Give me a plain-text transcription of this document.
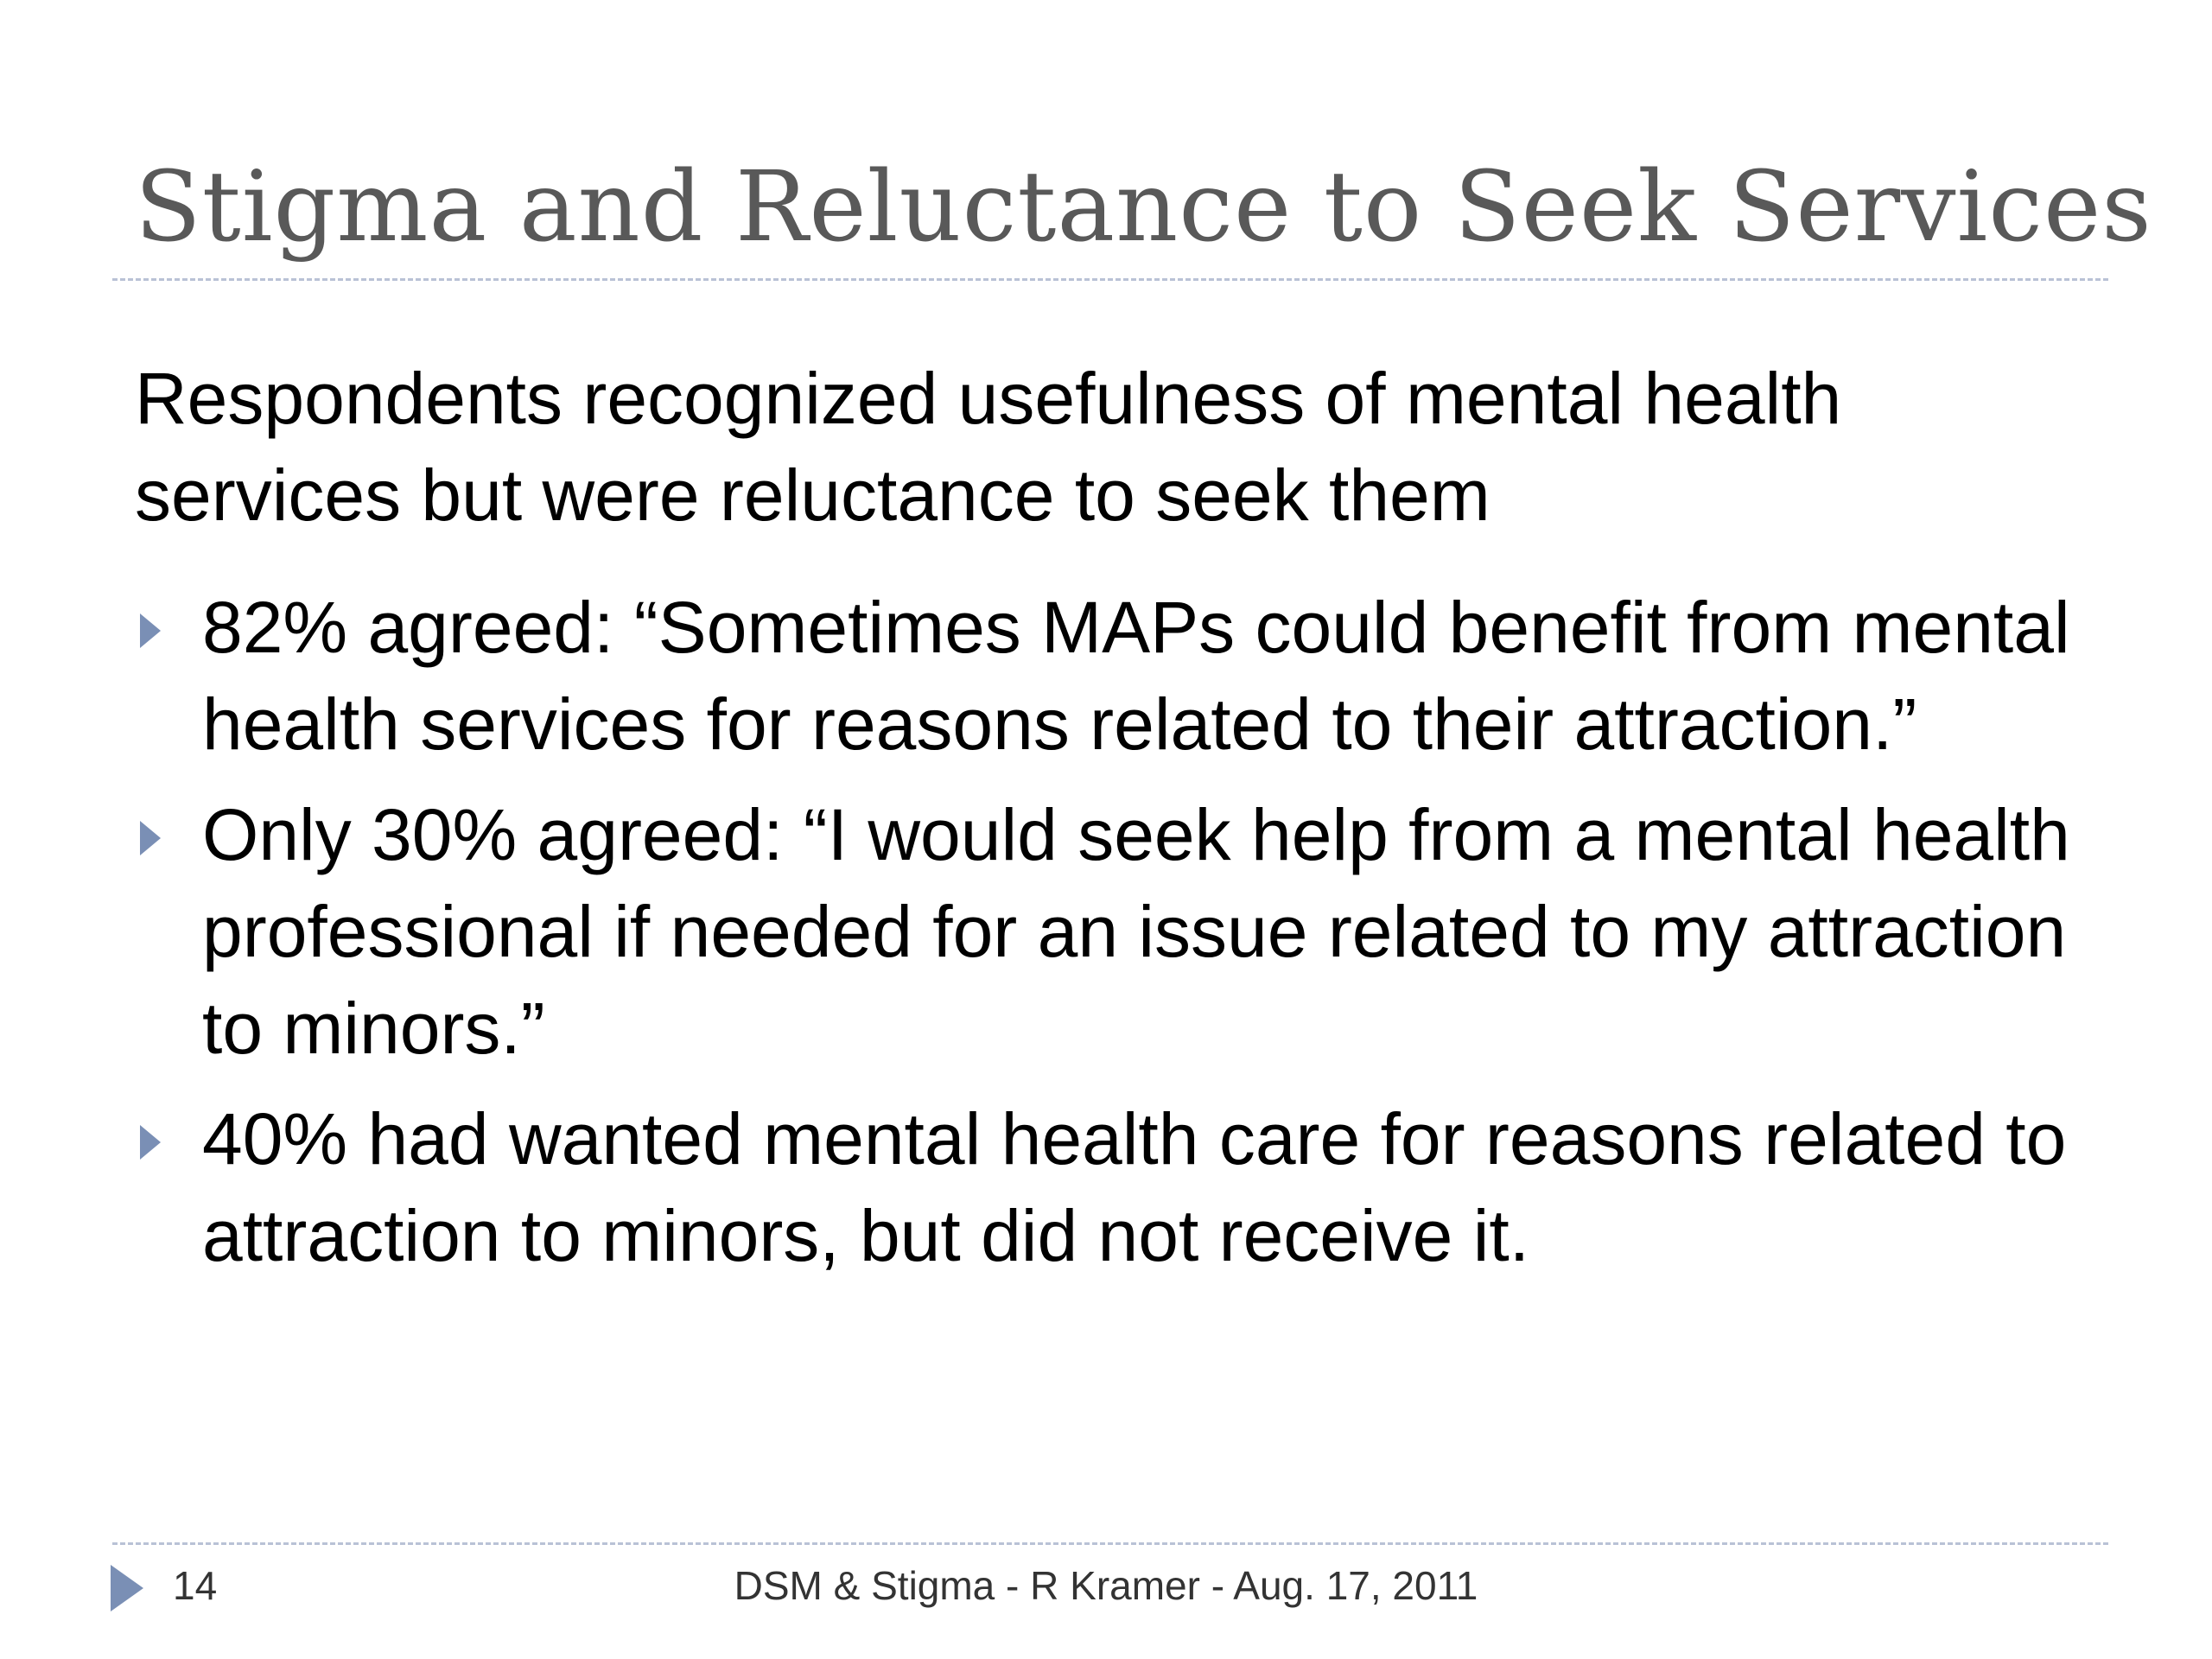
Stigma and Reluctance to Seek Services
Respondents recognized usefulness of mental health services but were reluctance to seek them
82% agreed: “Sometimes MAPs could benefit from mental health services for reasons related to their attraction.”
Only 30% agreed: “I would seek help from a mental health professional if needed for an issue related to my attraction to minors.”
40% had wanted mental health care for reasons related to attraction to minors, but did not receive it.
14	DSM & Stigma - R Kramer - Aug. 17, 2011
